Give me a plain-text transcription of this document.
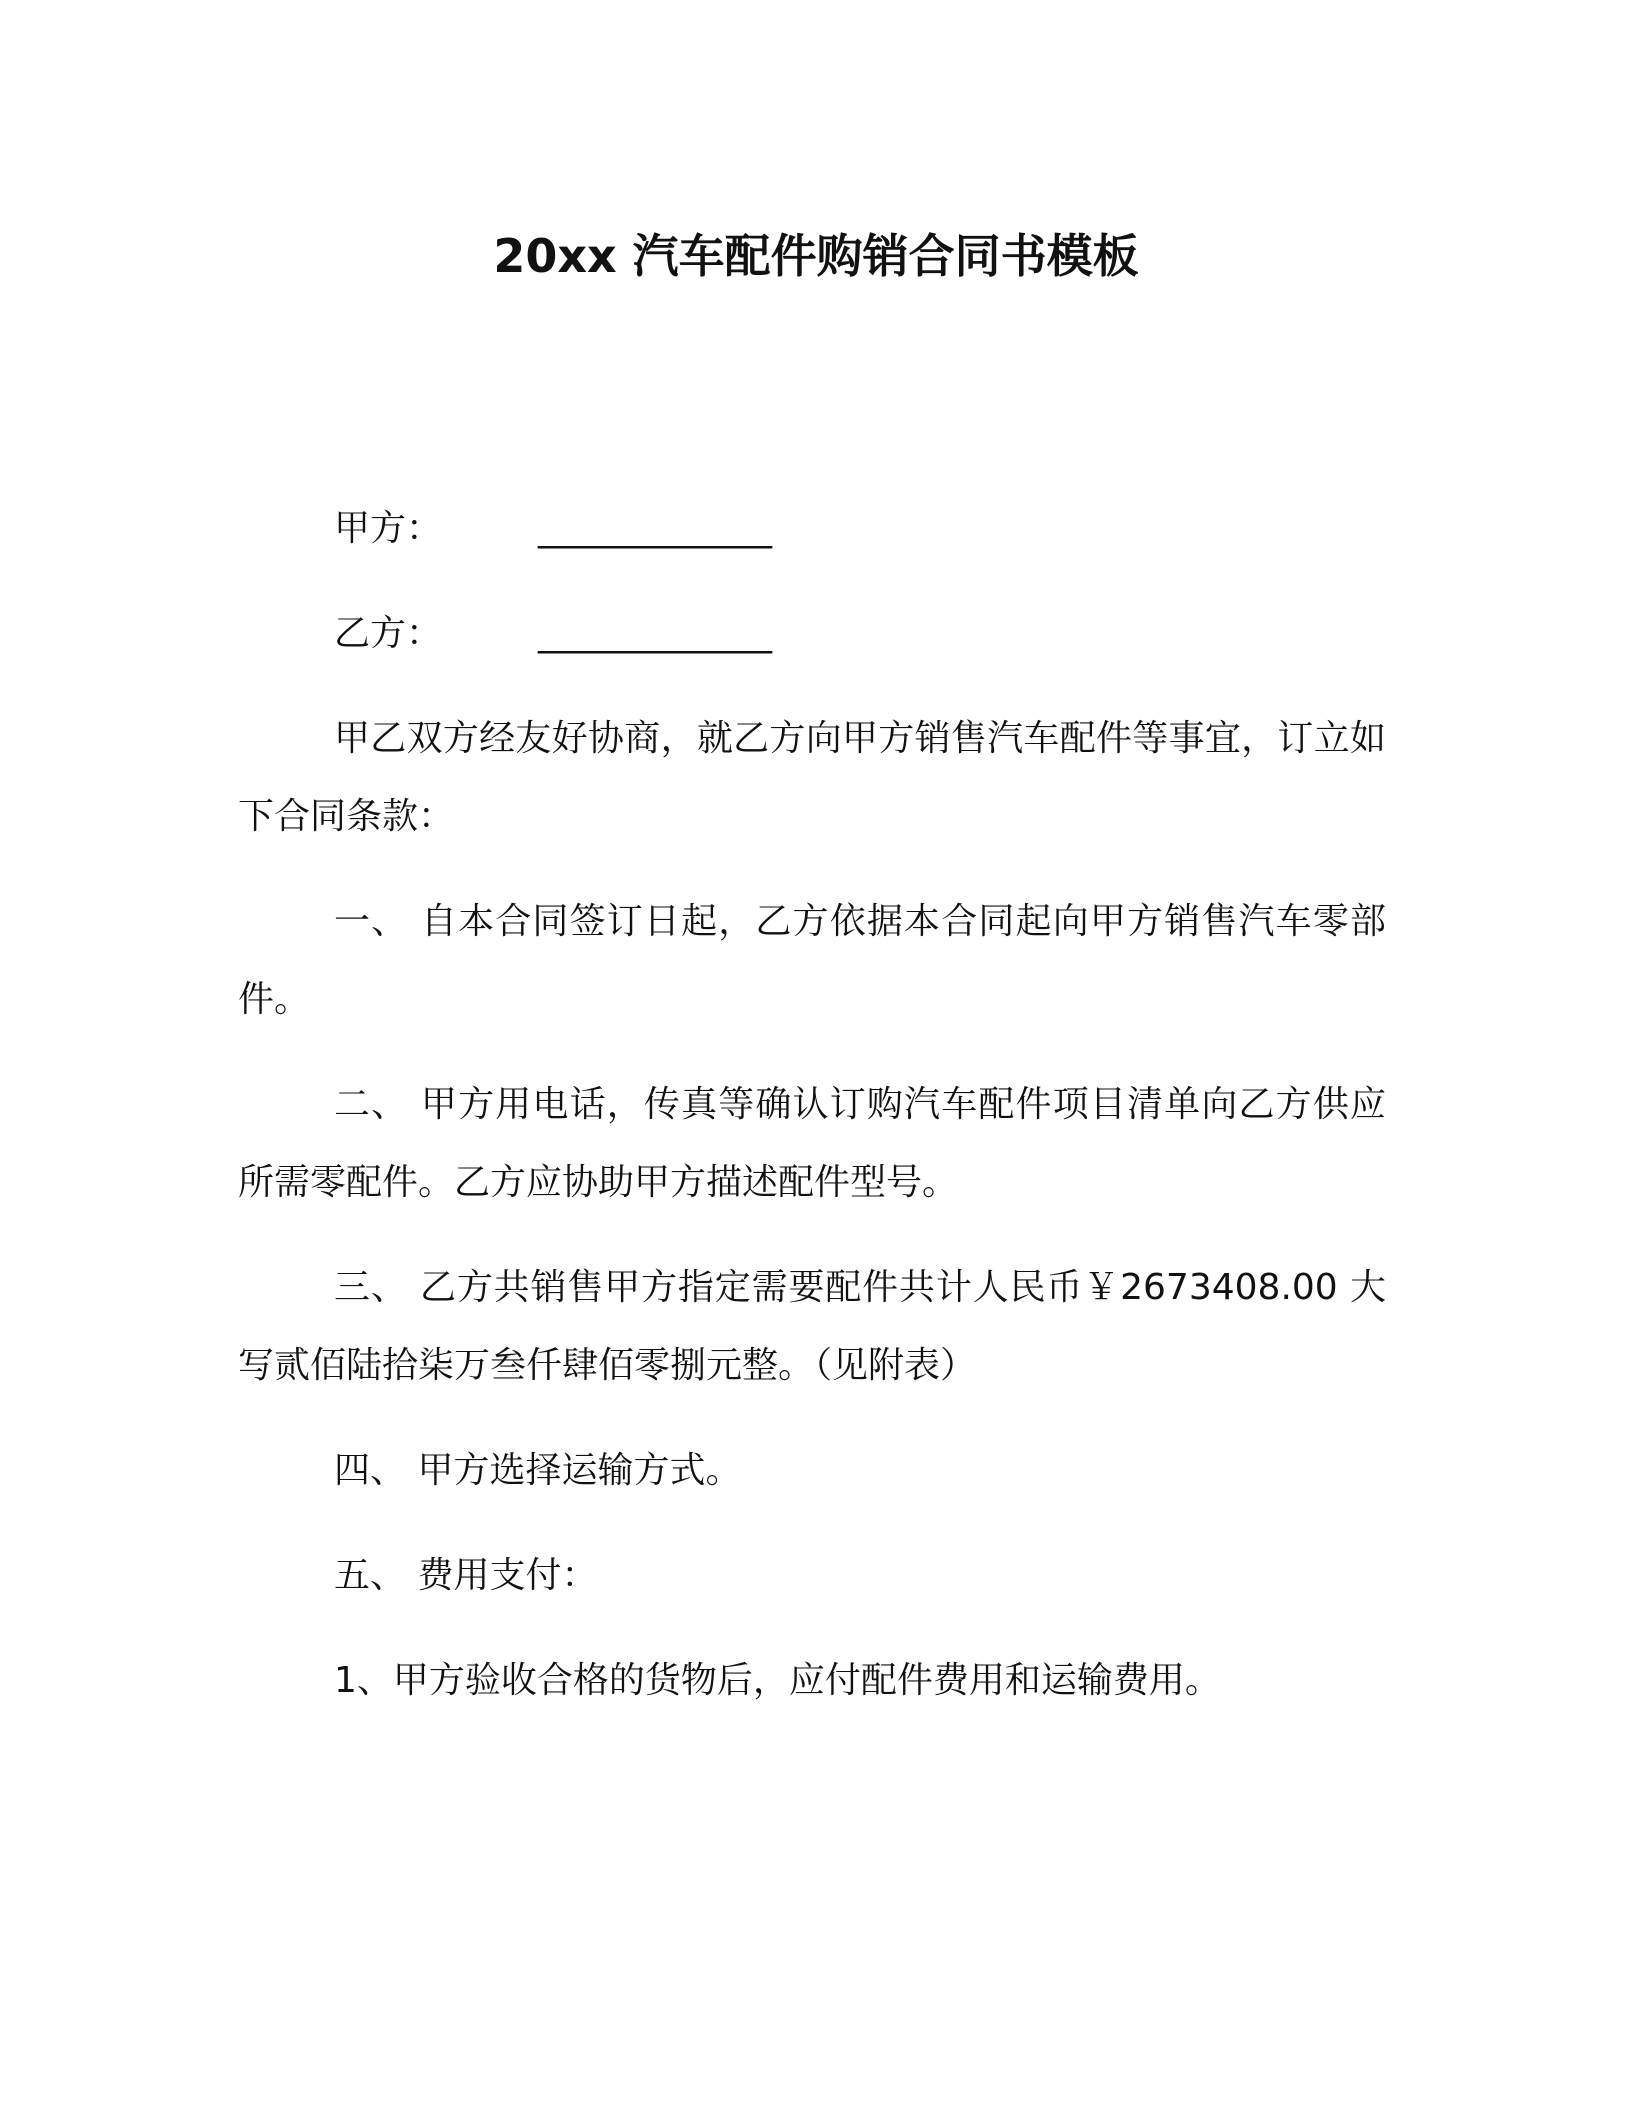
20xx 汽车配件购销合同书模板

甲方：	_____________

乙方：	_____________

甲乙双方经友好协商，就乙方向甲方销售汽车配件等事宜，订立如下合同条款：

一、 自本合同签订日起，乙方依据本合同起向甲方销售汽车零部件。

二、 甲方用电话，传真等确认订购汽车配件项目清单向乙方供应所需零配件。乙方应协助甲方描述配件型号。

三、 乙方共销售甲方指定需要配件共计人民币￥2673408.00 大写贰佰陆拾柒万叁仟肆佰零捌元整。（见附表）

四、 甲方选择运输方式。

五、 费用支付：

1、甲方验收合格的货物后，应付配件费用和运输费用。
